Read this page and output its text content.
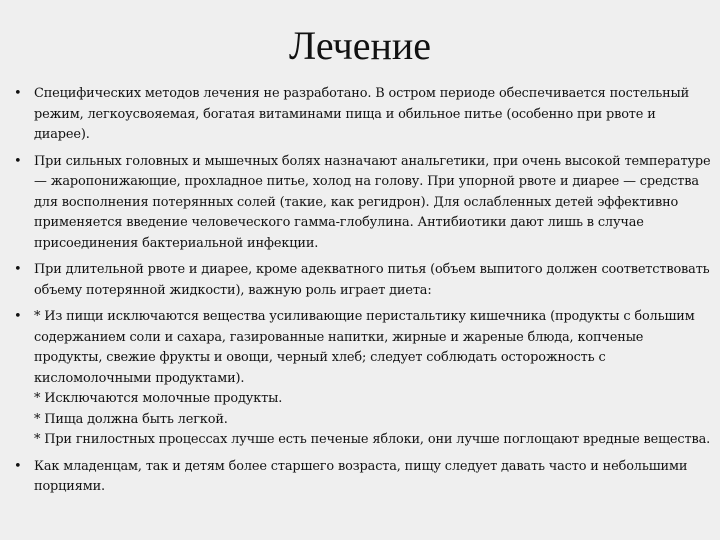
Лечение
• Специфических методов лечения не разработано. В остром периоде обеспечивается постельный режим, легкоусвояемая, богатая витаминами пища и обильное питье (особенно при рвоте и диарее).
• При сильных головных и мышечных болях назначают анальгетики, при очень высокой температуре — жаропонижающие, прохладное питье, холод на голову. При упорной рвоте и диарее — средства для восполнения потерянных солей (такие, как регидрон). Для ослабленных детей эффективно применяется введение человеческого гамма-глобулина. Антибиотики дают лишь в случае присоединения бактериальной инфекции.
• При длительной рвоте и диарее, кроме адекватного питья (объем выпитого должен соответствовать объему потерянной жидкости), важную роль играет диета:
• * Из пищи исключаются вещества усиливающие перистальтику кишечника (продукты с большим содержанием соли и сахара, газированные напитки, жирные и жареные блюда, копченые продукты, свежие фрукты и овощи, черный хлеб; следует соблюдать осторожность с кисломолочными продуктами).
* Исключаются молочные продукты.
* Пища должна быть легкой.
* При гнилостных процессах лучше есть печеные яблоки, они лучше поглощают вредные вещества.
• Как младенцам, так и детям более старшего возраста, пищу следует давать часто и небольшими порциями.
